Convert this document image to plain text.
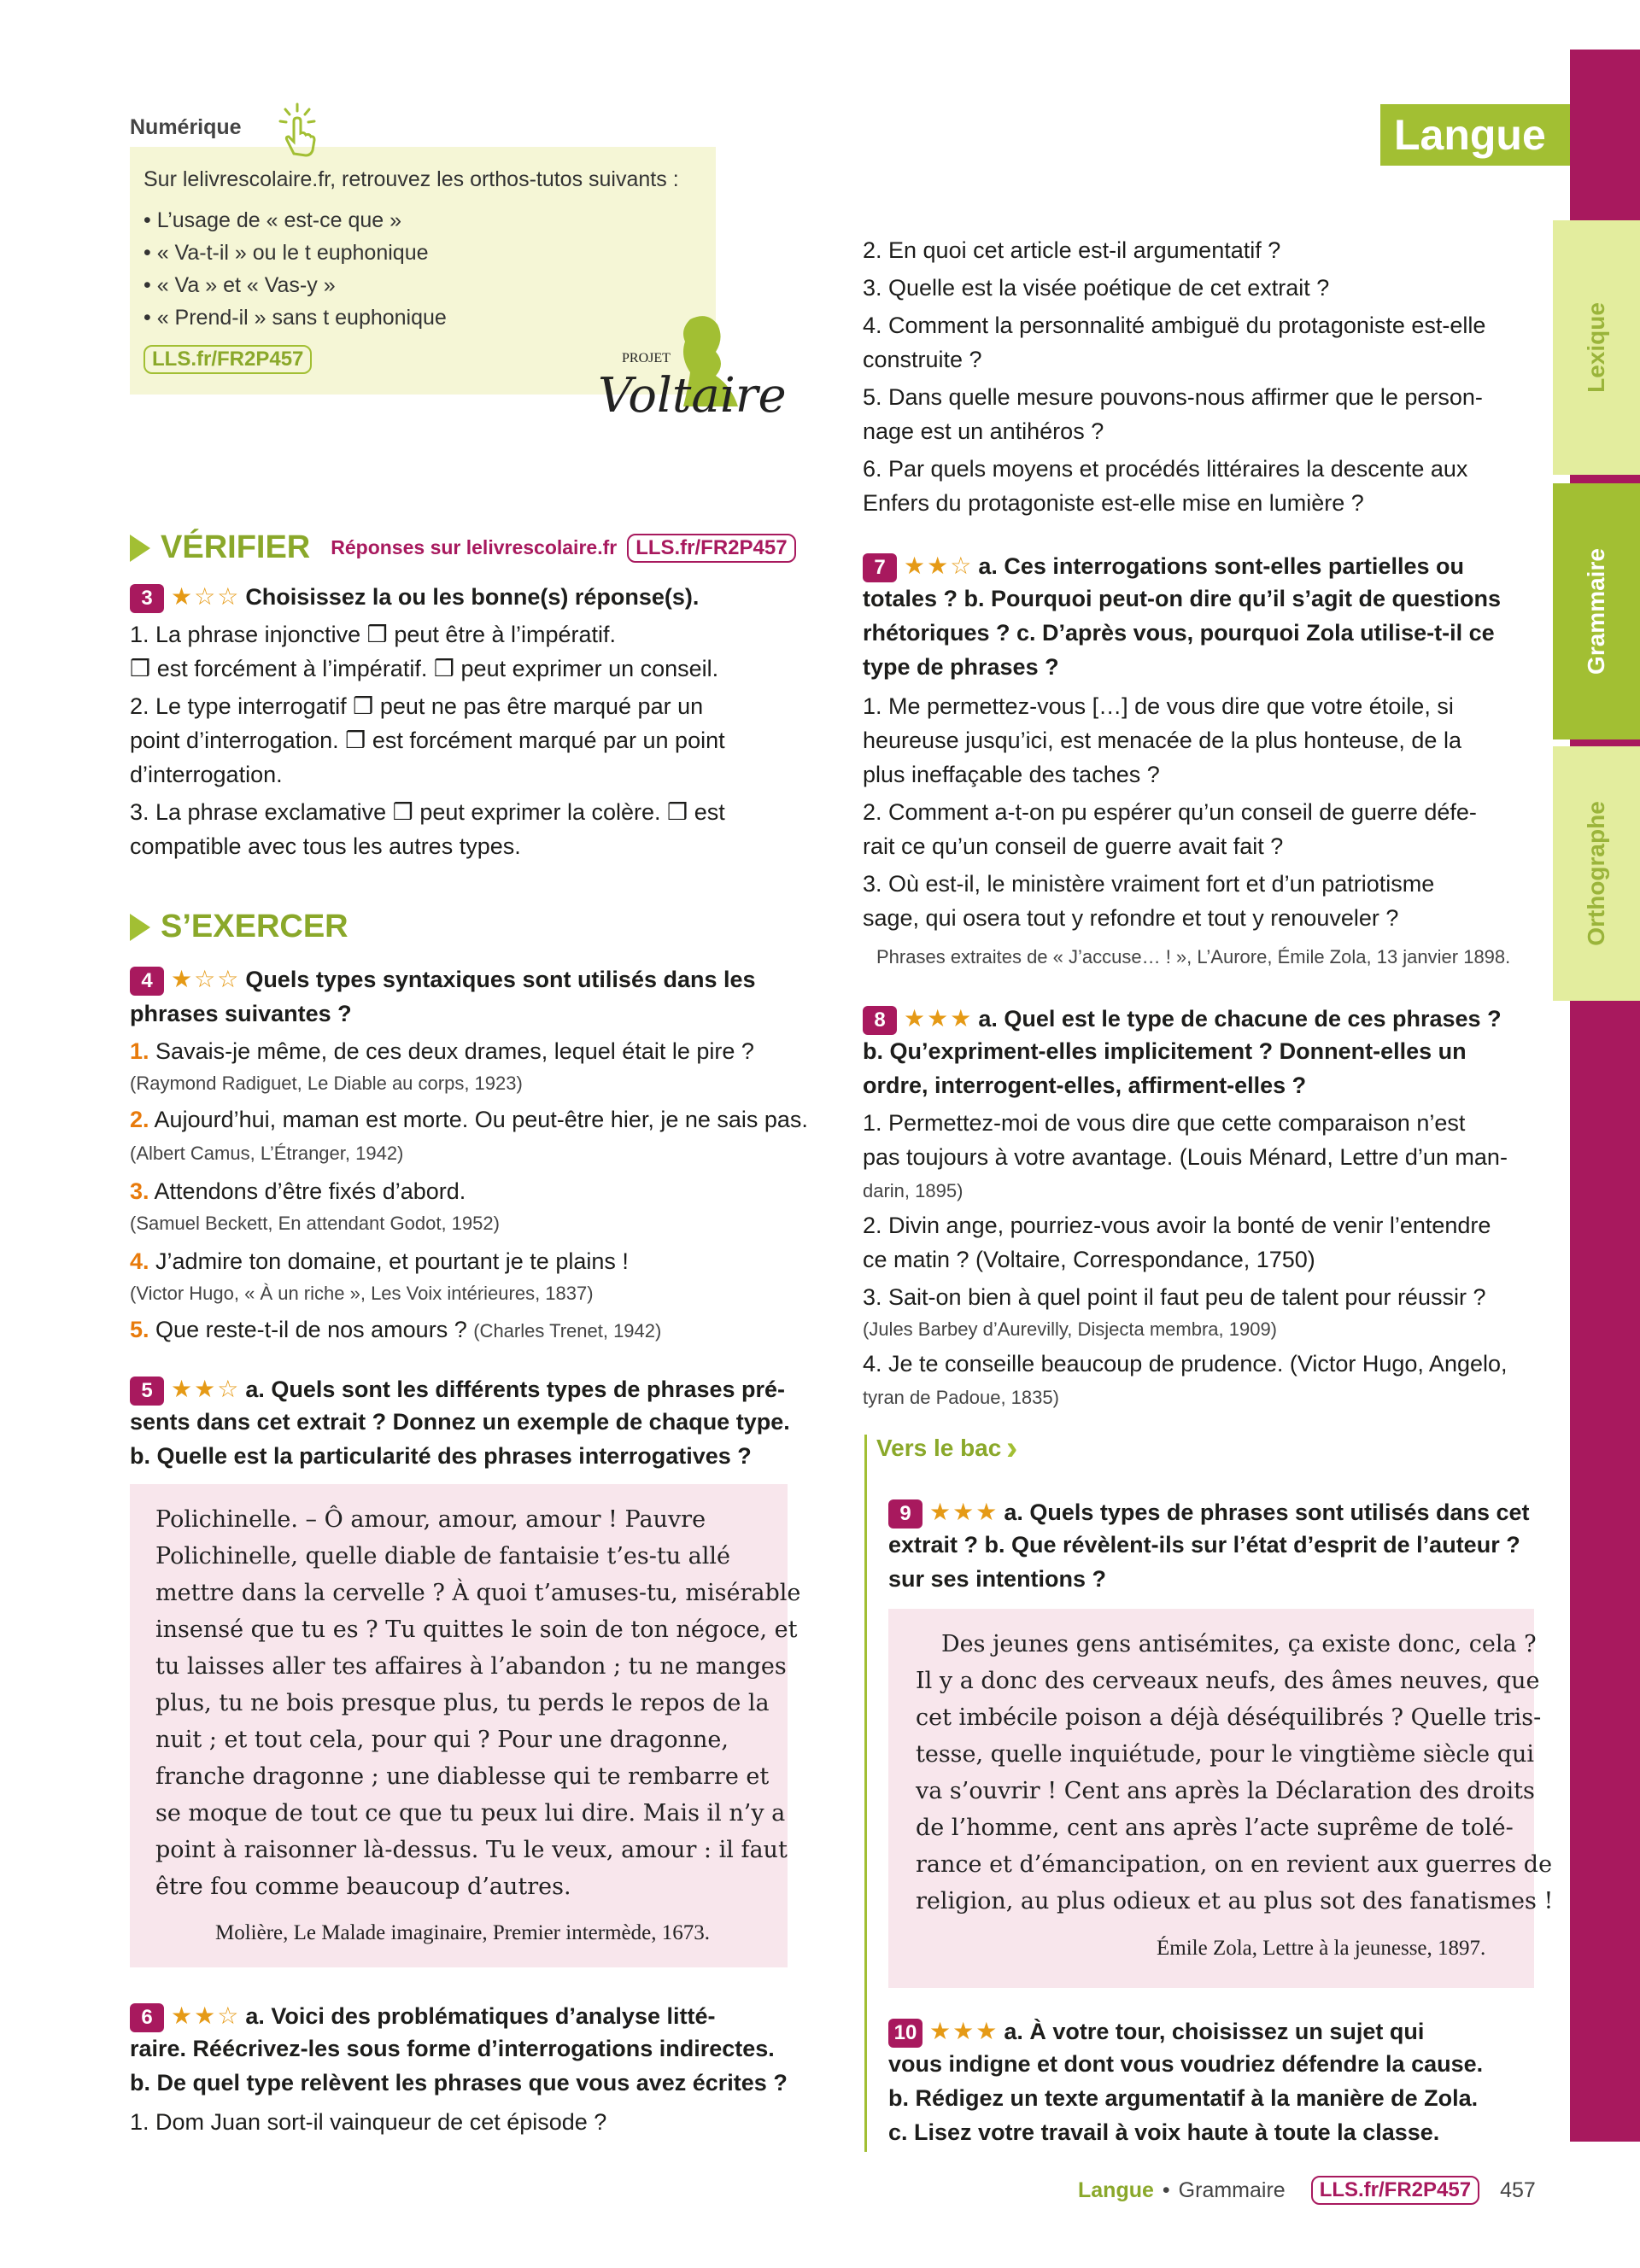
Lexique
Grammaire
Orthographe
Langue
Numérique
Sur lelivrescolaire.fr, retrouvez les orthos-tutos suivants :
• L’usage de « est-ce que »
• « Va-t-il » ou le t euphonique
• « Va » et « Vas-y »
• « Prend-il » sans t euphonique
LLS.fr/FR2P457	PROJET
Voltaire
VÉRIFIER Réponses sur lelivrescolaire.fr LLS.fr/FR2P457
3 ★☆☆ Choisissez la ou les bonne(s) réponse(s).
1. La phrase injonctive ❒ peut être à l’impératif.
❒ est forcément à l’impératif. ❒ peut exprimer un conseil.
2. Le type interrogatif ❒ peut ne pas être marqué par un
point d’interrogation. ❒ est forcément marqué par un point
d’interrogation.
3. La phrase exclamative ❒ peut exprimer la colère. ❒ est
compatible avec tous les autres types.
S’EXERCER
4 ★☆☆ Quels types syntaxiques sont utilisés dans les
phrases suivantes ?
1. Savais-je même, de ces deux drames, lequel était le pire ?
(Raymond Radiguet, Le Diable au corps, 1923)
2. Aujourd’hui, maman est morte. Ou peut-être hier, je ne sais pas.
(Albert Camus, L’Étranger, 1942)
3. Attendons d’être fixés d’abord.
(Samuel Beckett, En attendant Godot, 1952)
4. J’admire ton domaine, et pourtant je te plains !
(Victor Hugo, « À un riche », Les Voix intérieures, 1837)
5. Que reste-t-il de nos amours ? (Charles Trenet, 1942)
5 ★★☆ a. Quels sont les différents types de phrases pré-
sents dans cet extrait ? Donnez un exemple de chaque type.
b. Quelle est la particularité des phrases interrogatives ?
Polichinelle. – Ô amour, amour, amour ! Pauvre
Polichinelle, quelle diable de fantaisie t’es-tu allé
mettre dans la cervelle ? À quoi t’amuses-tu, misérable
insensé que tu es ? Tu quittes le soin de ton négoce, et
tu laisses aller tes affaires à l’abandon ; tu ne manges
plus, tu ne bois presque plus, tu perds le repos de la
nuit ; et tout cela, pour qui ? Pour une dragonne,
franche dragonne ; une diablesse qui te rembarre et
se moque de tout ce que tu peux lui dire. Mais il n’y a
point à raisonner là-dessus. Tu le veux, amour : il faut
être fou comme beaucoup d’autres.
Molière, Le Malade imaginaire, Premier intermède, 1673.
6 ★★☆ a. Voici des problématiques d’analyse litté-
raire. Réécrivez-les sous forme d’interrogations indirectes.
b. De quel type relèvent les phrases que vous avez écrites ?
1. Dom Juan sort-il vainqueur de cet épisode ?
2. En quoi cet article est-il argumentatif ?
3. Quelle est la visée poétique de cet extrait ?
4. Comment la personnalité ambiguë du protagoniste est-elle
construite ?
5. Dans quelle mesure pouvons-nous affirmer que le person-
nage est un antihéros ?
6. Par quels moyens et procédés littéraires la descente aux
Enfers du protagoniste est-elle mise en lumière ?
7 ★★☆ a. Ces interrogations sont-elles partielles ou
totales ? b. Pourquoi peut-on dire qu’il s’agit de questions
rhétoriques ? c. D’après vous, pourquoi Zola utilise-t-il ce
type de phrases ?
1. Me permettez-vous […] de vous dire que votre étoile, si
heureuse jusqu’ici, est menacée de la plus honteuse, de la
plus ineffaçable des taches ?
2. Comment a-t-on pu espérer qu’un conseil de guerre défe-
rait ce qu’un conseil de guerre avait fait ?
3. Où est-il, le ministère vraiment fort et d’un patriotisme
sage, qui osera tout y refondre et tout y renouveler ?
Phrases extraites de « J’accuse… ! », L’Aurore, Émile Zola, 13 janvier 1898.
8 ★★★ a. Quel est le type de chacune de ces phrases ?
b. Qu’expriment-elles implicitement ? Donnent-elles un
ordre, interrogent-elles, affirment-elles ?
1. Permettez-moi de vous dire que cette comparaison n’est
pas toujours à votre avantage. (Louis Ménard, Lettre d’un man-
darin, 1895)
2. Divin ange, pourriez-vous avoir la bonté de venir l’entendre
ce matin ? (Voltaire, Correspondance, 1750)
3. Sait-on bien à quel point il faut peu de talent pour réussir ?
(Jules Barbey d’Aurevilly, Disjecta membra, 1909)
4. Je te conseille beaucoup de prudence. (Victor Hugo, Angelo,
tyran de Padoue, 1835)
Vers le bac ›
9 ★★★ a. Quels types de phrases sont utilisés dans cet
extrait ? b. Que révèlent-ils sur l’état d’esprit de l’auteur ?
sur ses intentions ?
Des jeunes gens antisémites, ça existe donc, cela ?
Il y a donc des cerveaux neufs, des âmes neuves, que
cet imbécile poison a déjà déséquilibrés ? Quelle tris-
tesse, quelle inquiétude, pour le vingtième siècle qui
va s’ouvrir ! Cent ans après la Déclaration des droits
de l’homme, cent ans après l’acte suprême de tolé-
rance et d’émancipation, on en revient aux guerres de
religion, au plus odieux et au plus sot des fanatismes !
Émile Zola, Lettre à la jeunesse, 1897.
10 ★★★ a. À votre tour, choisissez un sujet qui
vous indigne et dont vous voudriez défendre la cause.
b. Rédigez un texte argumentatif à la manière de Zola.
c. Lisez votre travail à voix haute à toute la classe.
Langue • Grammaire	LLS.fr/FR2P457	457
